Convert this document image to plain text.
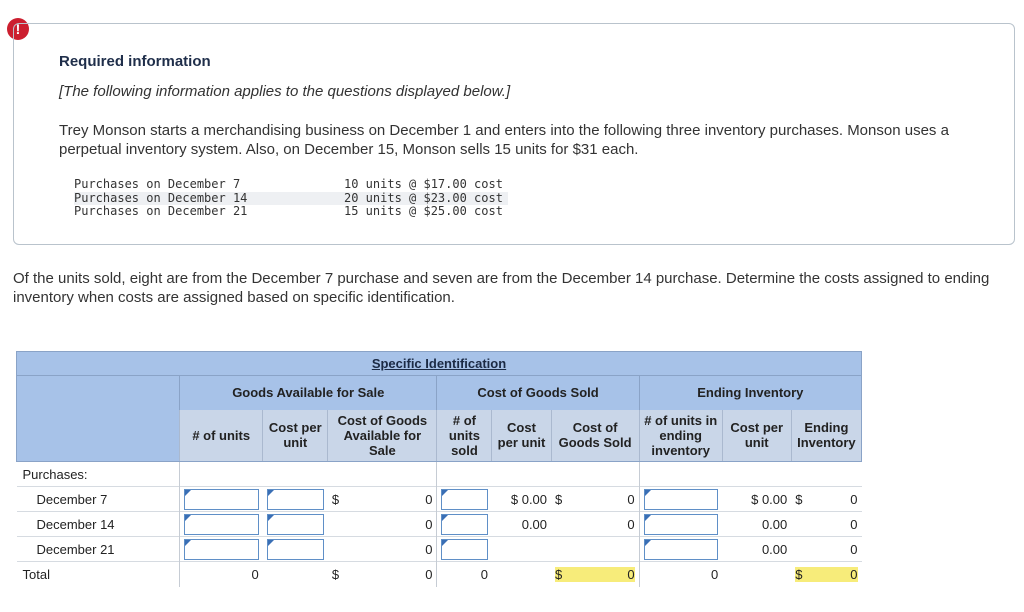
!
Required information
[The following information applies to the questions displayed below.]
Trey Monson starts a merchandising business on December 1 and enters into the following three inventory purchases. Monson uses a perpetual inventory system. Also, on December 15, Monson sells 15 units for $31 each.
Purchases on December 7	10 units @ $17.00 cost
Purchases on December 14	20 units @ $23.00 cost
Purchases on December 21	15 units @ $25.00 cost
Of the units sold, eight are from the December 7 purchase and seven are from the December 14 purchase. Determine the costs assigned to ending inventory when costs are assigned based on specific identification.
Specific Identification									
	Goods Available for Sale			Cost of Goods Sold			Ending Inventory		
	# of units	Cost per unit	Cost of Goods Available for Sale	# of units sold	Cost per unit	Cost of Goods Sold	# of units in ending inventory	Cost per unit	Ending Inventory
Purchases:									
December 7			$ 0		$ 0.00	$ 0		$ 0.00	$ 0

December 14			0		0.00	0		0.00	0
December 21			0					0.00	0
Total	0		$ 0	0		$ 0	0		$ 0
